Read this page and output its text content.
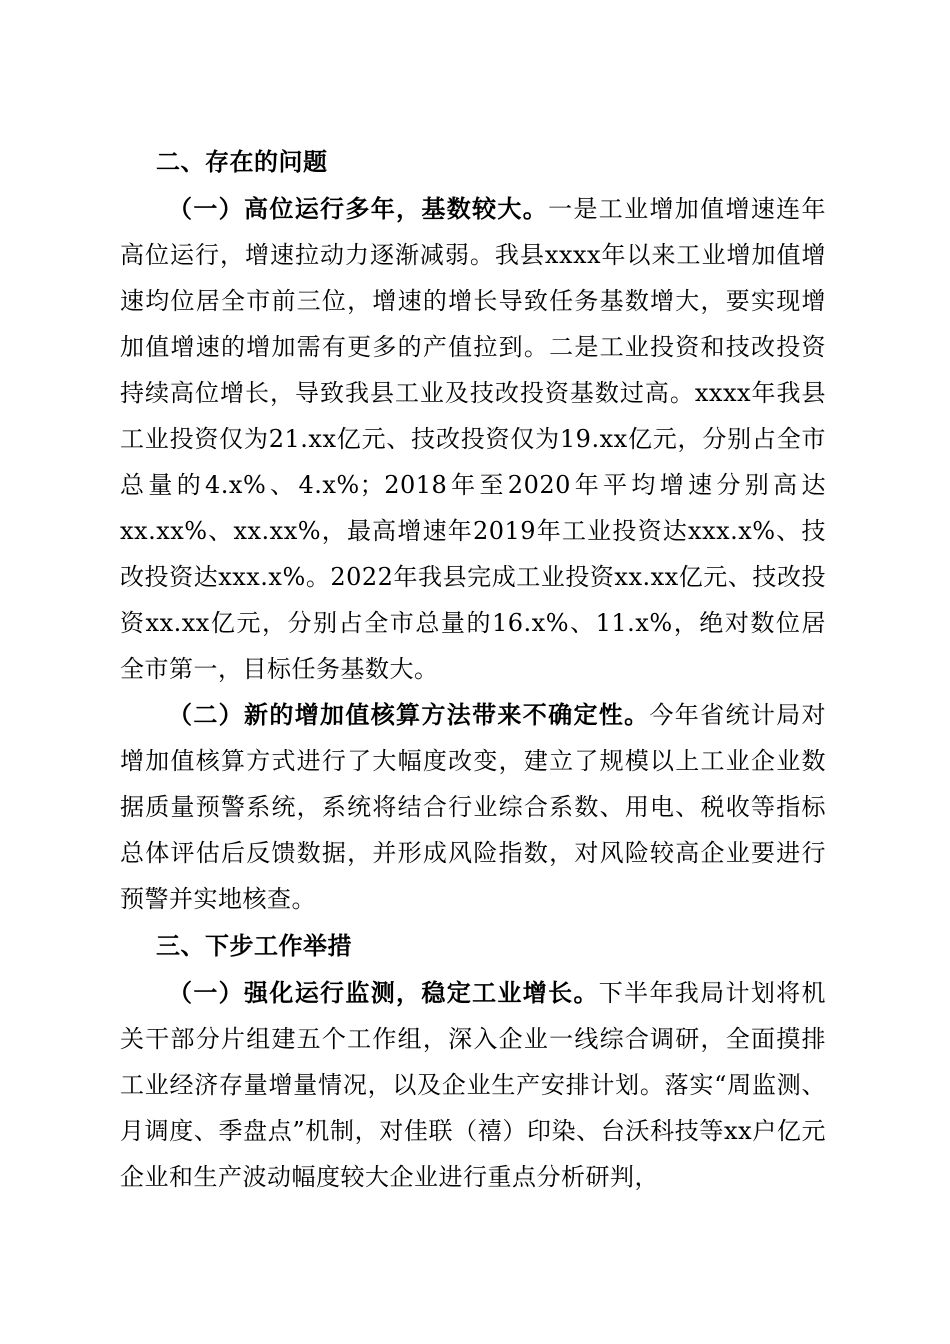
二、存在的问题

（一）高位运行多年，基数较大。一是工业增加值增速连年高位运行，增速拉动力逐渐减弱。我县xxxx年以来工业增加值增速均位居全市前三位，增速的增长导致任务基数增大，要实现增加值增速的增加需有更多的产值拉到。二是工业投资和技改投资持续高位增长，导致我县工业及技改投资基数过高。xxxx年我县工业投资仅为21.xx亿元、技改投资仅为19.xx亿元，分别占全市总量的4.x%、4.x%；2018年至2020年平均增速分别高达xx.xx%、xx.xx%，最高增速年2019年工业投资达xxx.x%、技改投资达xxx.x%。2022年我县完成工业投资xx.xx亿元、技改投资xx.xx亿元，分别占全市总量的16.x%、11.x%，绝对数位居全市第一，目标任务基数大。

（二）新的增加值核算方法带来不确定性。今年省统计局对增加值核算方式进行了大幅度改变，建立了规模以上工业企业数据质量预警系统，系统将结合行业综合系数、用电、税收等指标总体评估后反馈数据，并形成风险指数，对风险较高企业要进行预警并实地核查。

三、下步工作举措

（一）强化运行监测，稳定工业增长。下半年我局计划将机关干部分片组建五个工作组，深入企业一线综合调研，全面摸排工业经济存量增量情况，以及企业生产安排计划。落实“周监测、月调度、季盘点”机制，对佳联（禧）印染、台沃科技等xx户亿元企业和生产波动幅度较大企业进行重点分析研判，
